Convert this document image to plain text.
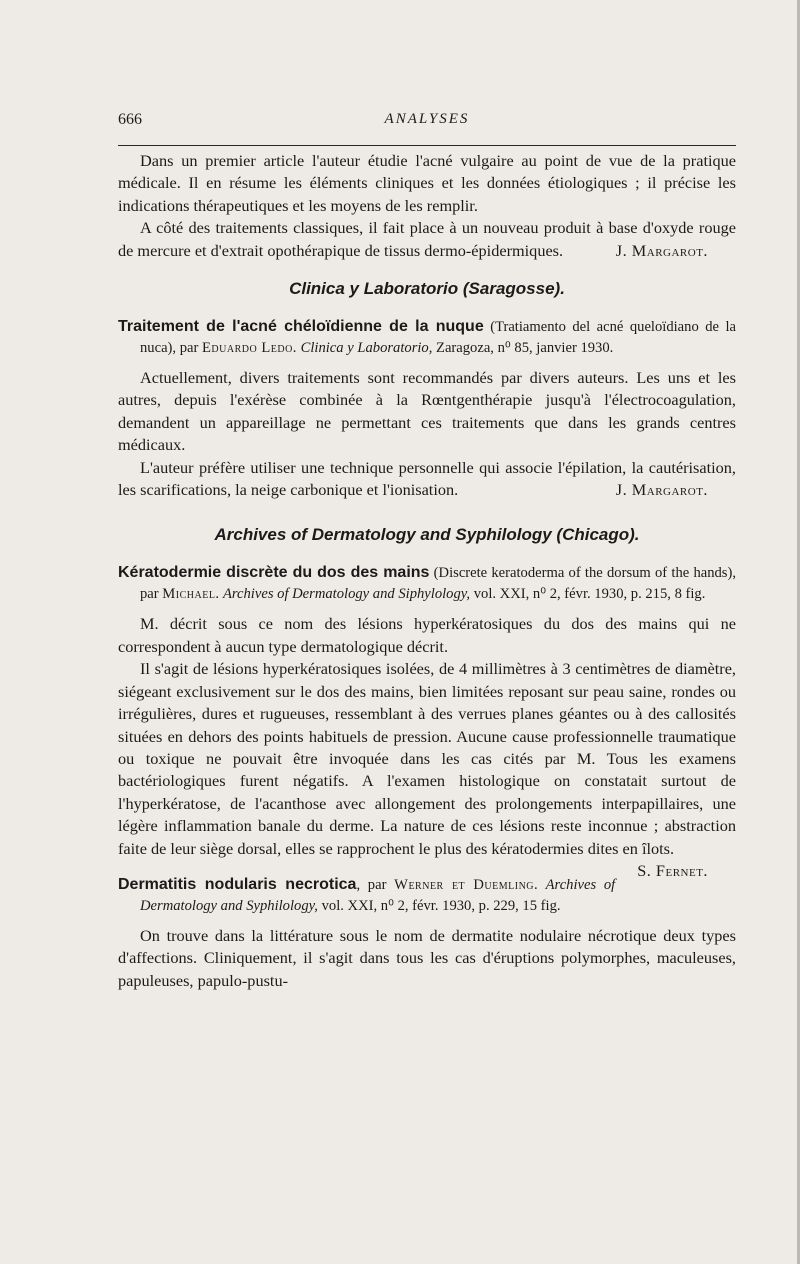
666	ANALYSES

Dans un premier article l'auteur étudie l'acné vulgaire au point de vue de la pratique médicale. Il en résume les éléments cliniques et les données étiologiques ; il précise les indications thérapeutiques et les moyens de les remplir.

A côté des traitements classiques, il fait place à un nouveau produit à base d'oxyde rouge de mercure et d'extrait opothérapique de tissus dermo-épidermiques.	J. Margarot.

Clinica y Laboratorio (Saragosse).

Traitement de l'acné chéloïdienne de la nuque (Tratiamento del acné queloïdiano de la nuca), par Eduardo Ledo. Clinica y Laboratorio, Zaragoza, n⁰ 85, janvier 1930.

Actuellement, divers traitements sont recommandés par divers auteurs. Les uns et les autres, depuis l'exérèse combinée à la Rœntgenthérapie jusqu'à l'électrocoagulation, demandent un appareillage ne permettant ces traitements que dans les grands centres médicaux.

L'auteur préfère utiliser une technique personnelle qui associe l'épilation, la cautérisation, les scarifications, la neige carbonique et l'ionisation.	J. Margarot.

Archives of Dermatology and Syphilology (Chicago).

Kératodermie discrète du dos des mains (Discrete keratoderma of the dorsum of the hands), par Michael. Archives of Dermatology and Siphylology, vol. XXI, n⁰ 2, févr. 1930, p. 215, 8 fig.

M. décrit sous ce nom des lésions hyperkératosiques du dos des mains qui ne correspondent à aucun type dermatologique décrit.

Il s'agit de lésions hyperkératosiques isolées, de 4 millimètres à 3 centimètres de diamètre, siégeant exclusivement sur le dos des mains, bien limitées reposant sur peau saine, rondes ou irrégulières, dures et rugueuses, ressemblant à des verrues planes géantes ou à des callosités situées en dehors des points habituels de pression. Aucune cause professionnelle traumatique ou toxique ne pouvait être invoquée dans les cas cités par M. Tous les examens bactériologiques furent négatifs. A l'examen histologique on constatait surtout de l'hyperkératose, de l'acanthose avec allongement des prolongements interpapillaires, une légère inflammation banale du derme. La nature de ces lésions reste inconnue ; abstraction faite de leur siège dorsal, elles se rapprochent le plus des kératodermies dites en îlots.
S. Fernet.

Dermatitis nodularis necrotica, par Werner et Duemling. Archives of Dermatology and Syphilology, vol. XXI, n⁰ 2, févr. 1930, p. 229, 15 fig.

On trouve dans la littérature sous le nom de dermatite nodulaire nécrotique deux types d'affections. Cliniquement, il s'agit dans tous les cas d'éruptions polymorphes, maculeuses, papuleuses, papulo-pustu-
